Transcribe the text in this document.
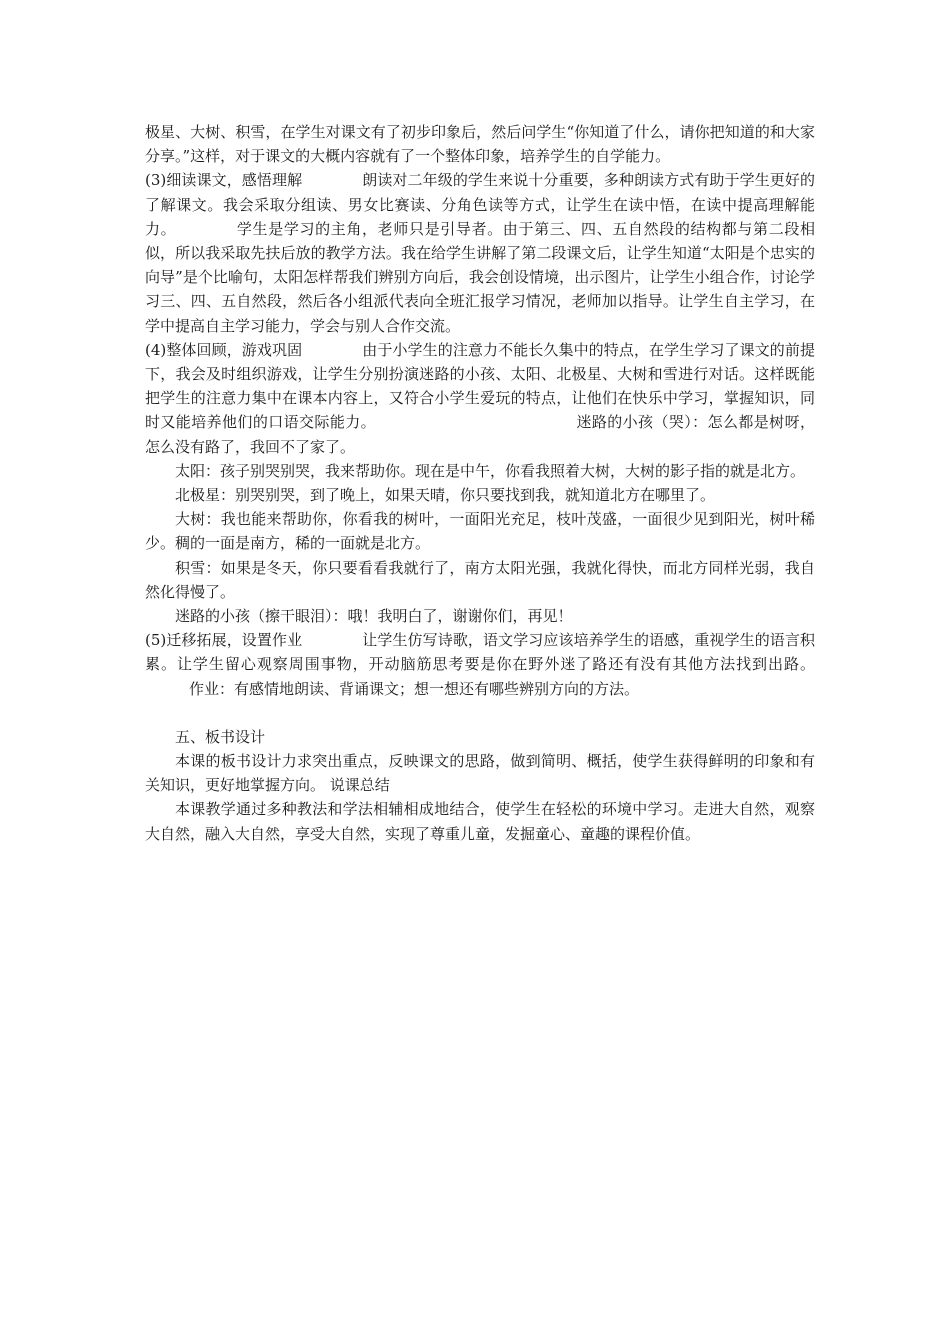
极星、大树、积雪，在学生对课文有了初步印象后，然后问学生“你知道了什么，请你把知道的和大家分享。”这样，对于课文的大概内容就有了一个整体印象，培养学生的自学能力。

(3)细读课文，感悟理解	朗读对二年级的学生来说十分重要，多种朗读方式有助于学生更好的了解课文。我会采取分组读、男女比赛读、分角色读等方式，让学生在读中悟，在读中提高理解能力。	学生是学习的主角，老师只是引导者。由于第三、四、五自然段的结构都与第二段相似，所以我采取先扶后放的教学方法。我在给学生讲解了第二段课文后，让学生知道“太阳是个忠实的向导”是个比喻句，太阳怎样帮我们辨别方向后，我会创设情境，出示图片，让学生小组合作，讨论学习三、四、五自然段，然后各小组派代表向全班汇报学习情况，老师加以指导。让学生自主学习，在学中提高自主学习能力，学会与别人合作交流。

(4)整体回顾，游戏巩固	由于小学生的注意力不能长久集中的特点，在学生学习了课文的前提下，我会及时组织游戏，让学生分别扮演迷路的小孩、太阳、北极星、大树和雪进行对话。这样既能把学生的注意力集中在课本内容上，又符合小学生爱玩的特点，让他们在快乐中学习，掌握知识，同时又能培养他们的口语交际能力。	迷路的小孩（哭）：怎么都是树呀，怎么没有路了，我回不了家了。

太阳：孩子别哭别哭，我来帮助你。现在是中午，你看我照着大树，大树的影子指的就是北方。

北极星：别哭别哭，到了晚上，如果天晴，你只要找到我，就知道北方在哪里了。

大树：我也能来帮助你，你看我的树叶，一面阳光充足，枝叶茂盛，一面很少见到阳光，树叶稀少。稠的一面是南方，稀的一面就是北方。

积雪：如果是冬天，你只要看看我就行了，南方太阳光强，我就化得快，而北方同样光弱，我自然化得慢了。

迷路的小孩（擦干眼泪）：哦！我明白了，谢谢你们，再见！

(5)迁移拓展，设置作业	让学生仿写诗歌，语文学习应该培养学生的语感，重视学生的语言积累。让学生留心观察周围事物，开动脑筋思考要是你在野外迷了路还有没有其他方法找到出路。作业：有感情地朗读、背诵课文；想一想还有哪些辨别方向的方法。

五、板书设计

本课的板书设计力求突出重点，反映课文的思路，做到简明、概括，使学生获得鲜明的印象和有关知识，更好地掌握方向。 说课总结

本课教学通过多种教法和学法相辅相成地结合，使学生在轻松的环境中学习。走进大自然，观察大自然，融入大自然，享受大自然，实现了尊重儿童，发掘童心、童趣的课程价值。
